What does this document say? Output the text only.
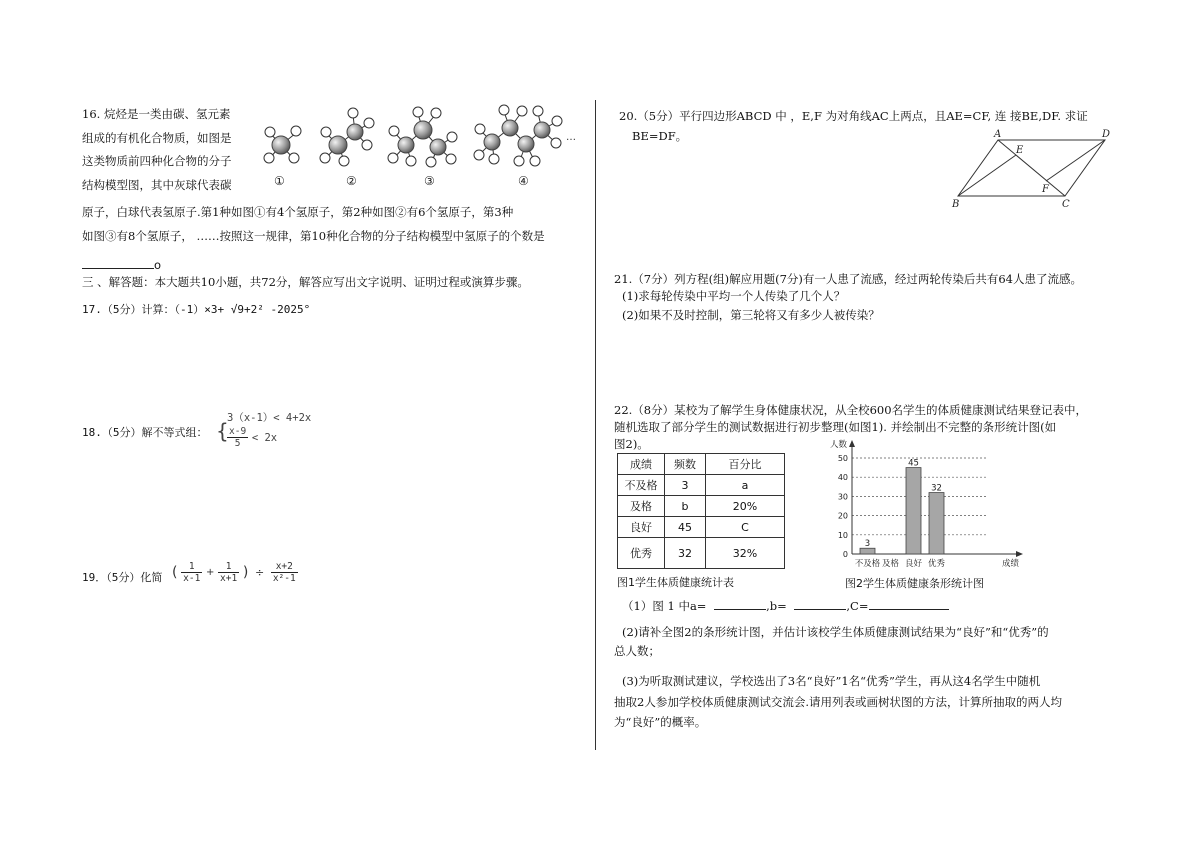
16. 烷烃是一类由碳、氢元素
组成的有机化合物质，如图是
这类物质前四种化合物的分子
结构模型图，其中灰球代表碳
原子，白球代表氢原子.第1种如图①有4个氢原子，第2种如图②有6个氢原子，第3种
如图③有8个氢原子， ……按照这一规律，第10种化合物的分子结构模型中氢原子的个数是
o
…
①	②	③	④
三 、解答题：本大题共10小题，共72分，解答应写出文字说明、证明过程或演算步骤。
17.（5分）计算：（-1）×3+ √9+2² -2025°
18.（5分）解不等式组： {
3（x-1）< 4+2x
$\frac{x-9}{5} < 2x$
19．（5分）化简 ( $\frac{1}{x-1} + \frac{1}{x+1}$ ) ÷ $\frac{x+2}{\text{x²-1}}$
20.（5分）平行四边形ABCD 中 ，E,F 为对角线AC上两点，且AE=CF, 连 接BE,DF. 求证
BE=DF。	A	D
B	C
E
F
21.（7分）列方程(组)解应用题(7分)有一人患了流感，经过两轮传染后共有64人患了流感。
(1)求每轮传染中平均一个人传染了几个人？
(2)如果不及时控制，第三轮将又有多少人被传染？
22.（8分）某校为了解学生身体健康状况，从全校600名学生的体质健康测试结果登记表中，
随机选取了部分学生的测试数据进行初步整理(如图1). 并绘制出不完整的条形统计图(如
图2)。
成绩	频数	百分比
不及格	3	a
及格	b	20%
良好	45	C
优秀	32	32%
图1学生体质健康统计表
0
10
20
30
40
50
人数
成绩
不及格
3
及格 良好
45
优秀
32
图2学生体质健康条形统计图
（1）图 1 中a=	,b=	,C=
(2)请补全图2的条形统计图，并估计该校学生体质健康测试结果为“良好”和“优秀”的
总人数；
(3)为听取测试建议，学校选出了3名“良好”1名“优秀”学生，再从这4名学生中随机
抽取2人参加学校体质健康测试交流会.请用列表或画树状图的方法，计算所抽取的两人均
为“良好”的概率。
